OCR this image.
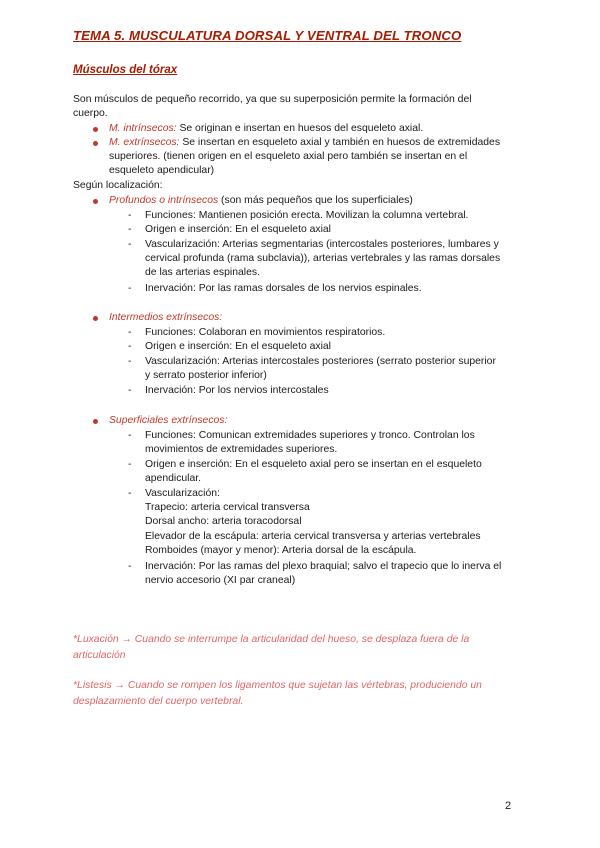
TEMA 5. MUSCULATURA DORSAL Y VENTRAL DEL TRONCO
Músculos del tórax
Son músculos de pequeño recorrido, ya que su superposición permite la formación del
cuerpo.
M. intrínsecos: Se originan e insertan en huesos del esqueleto axial.
M. extrínsecos: Se insertan en esqueleto axial y también en huesos de extremidades
superiores. (tienen origen en el esqueleto axial pero también se insertan en el
esqueleto apendicular)
Según localización:
Profundos o intrínsecos (son más pequeños que los superficiales)
- Funciones: Mantienen posición erecta. Movilizan la columna vertebral.
- Origen e inserción: En el esqueleto axial
- Vascularización: Arterias segmentarias (intercostales posteriores, lumbares y
cervical profunda (rama subclavia)), arterias vertebrales y las ramas dorsales
de las arterias espinales.
- Inervación: Por las ramas dorsales de los nervios espinales.
Intermedios extrínsecos:
- Funciones: Colaboran en movimientos respiratorios.
- Origen e inserción: En el esqueleto axial
- Vascularización: Arterias intercostales posteriores (serrato posterior superior
y serrato posterior inferior)
- Inervación: Por los nervios intercostales
Superficiales extrínsecos:
- Funciones: Comunican extremidades superiores y tronco. Controlan los
movimientos de extremidades superiores.
- Origen e inserción: En el esqueleto axial pero se insertan en el esqueleto
apendicular.
- Vascularización:
Trapecio: arteria cervical transversa
Dorsal ancho: arteria toracodorsal
Elevador de la escápula: arteria cervical transversa y arterias vertebrales
Romboides (mayor y menor): Arteria dorsal de la escápula.
- Inervación: Por las ramas del plexo braquial; salvo el trapecio que lo inerva el
nervio accesorio (XI par craneal)
*Luxación → Cuando se interrumpe la articularidad del hueso, se desplaza fuera de la
articulación
*Listesis → Cuando se rompen los ligamentos que sujetan las vértebras, produciendo un
desplazamiento del cuerpo vertebral.
2
